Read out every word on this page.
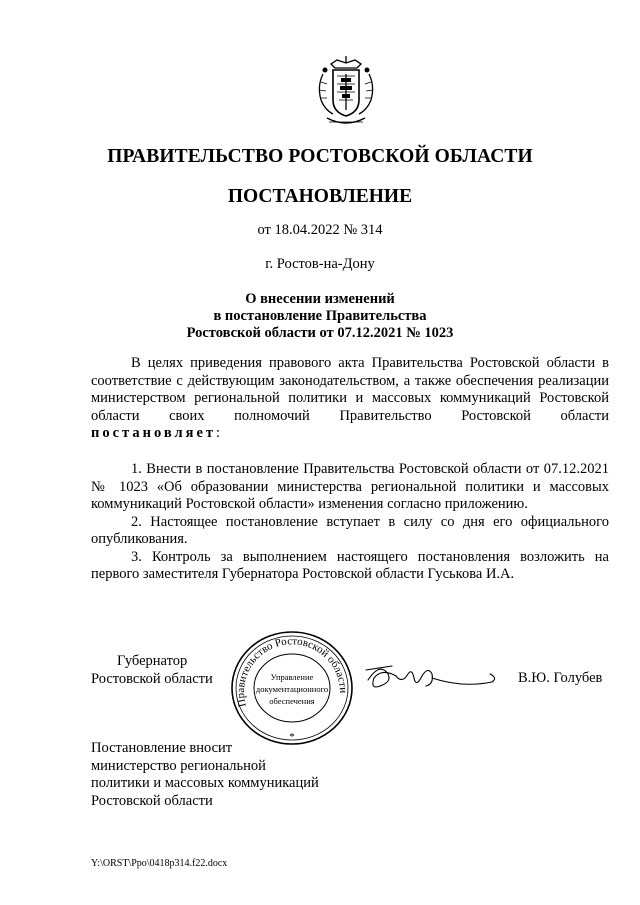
ПРАВИТЕЛЬСТВО РОСТОВСКОЙ ОБЛАСТИ
ПОСТАНОВЛЕНИЕ
от 18.04.2022 № 314
г. Ростов-на-Дону
О внесении изменений
в постановление Правительства
Ростовской области от 07.12.2021 № 1023

В целях приведения правового акта Правительства Ростовской области в соответствие с действующим законодательством, а также обеспечения реализации министерством региональной политики и массовых коммуникаций Ростовской области своих полномочий Правительство Ростовской области постановляет:

1. Внести в постановление Правительства Ростовской области от 07.12.2021 № 1023 «Об образовании министерства региональной политики и массовых коммуникаций Ростовской области» изменения согласно приложению.

2. Настоящее постановление вступает в силу со дня его официального опубликования.

3. Контроль за выполнением настоящего постановления возложить на первого заместителя Губернатора Ростовской области Гуськова И.А.

Губернатор
Ростовской области
Правительство Ростовской области
Управление
документационного
обеспечения
*
В.Ю. Голубев
Постановление вносит
министерство региональной
политики и массовых коммуникаций
Ростовской области
Y:\ORST\Ppo\0418p314.f22.docx
